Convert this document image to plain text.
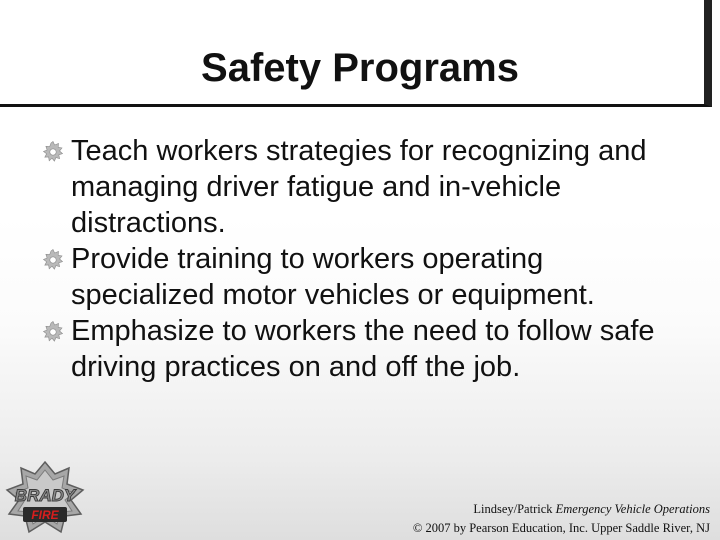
Safety Programs
Teach workers strategies for recognizing and managing driver fatigue and in-vehicle distractions.
Provide training to workers operating specialized motor vehicles or equipment.
Emphasize to workers the need to follow safe driving practices on and off the job.
BRADY
FIRE	Lindsey/Patrick Emergency Vehicle Operations
© 2007 by Pearson Education, Inc. Upper Saddle River, NJ
